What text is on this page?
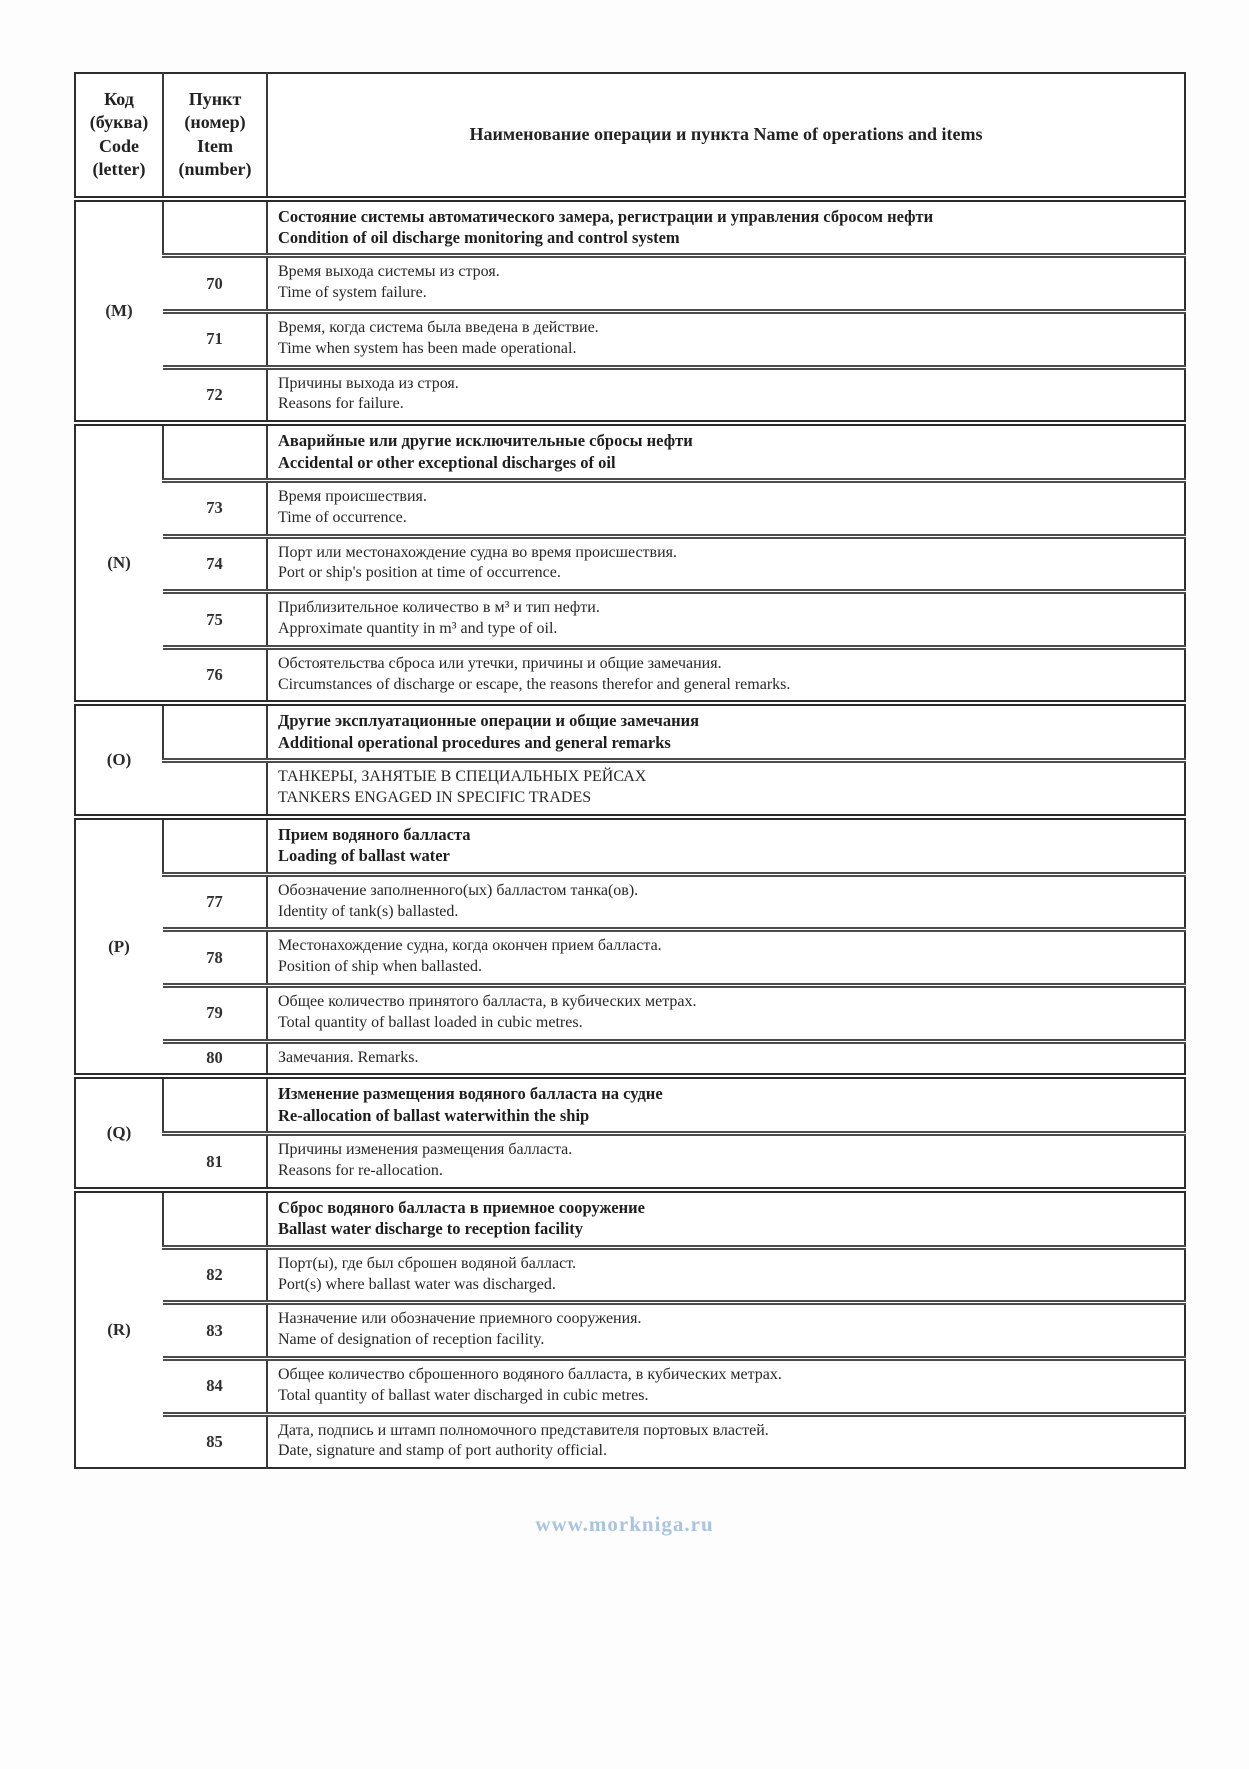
Код
(буква)
Code
(letter)	Пункт
(номер)
Item
(number)	Наименование операции и пункта Name of operations and items
(M)		Состояние системы автоматического замера, регистрации и управления сбросом нефти
Condition of oil discharge monitoring and control system

	70	Время выхода системы из строя.
Time of system failure.

	71	Время, когда система была введена в действие.
Time when system has been made operational.

	72	Причины выхода из строя.
Reasons for failure.

(N)		Аварийные или другие исключительные сбросы нефти
Accidental or other exceptional discharges of oil

	73	Время происшествия.
Time of occurrence.

	74	Порт или местонахождение судна во время происшествия.
Port or ship's position at time of occurrence.

	75	Приблизительное количество в м³ и тип нефти.
Approximate quantity in m³ and type of oil.

	76	Обстоятельства сброса или утечки, причины и общие замечания.
Circumstances of discharge or escape, the reasons therefor and general remarks.

(O)		Другие эксплуатационные операции и общие замечания
Additional operational procedures and general remarks

		ТАНКЕРЫ, ЗАНЯТЫЕ В СПЕЦИАЛЬНЫХ РЕЙСАХ
TANKERS ENGAGED IN SPECIFIC TRADES

(P)		Прием водяного балласта
Loading of ballast water

	77	Обозначение заполненного(ых) балластом танка(ов).
Identity of tank(s) ballasted.

	78	Местонахождение судна, когда окончен прием балласта.
Position of ship when ballasted.

	79	Общее количество принятого балласта, в кубических метрах.
Total quantity of ballast loaded in cubic metres.

	80	Замечания. Remarks.

(Q)		Изменение размещения водяного балласта на судне
Re-allocation of ballast waterwithin the ship

	81	Причины изменения размещения балласта.
Reasons for re-allocation.

(R)		Сброс водяного балласта в приемное сооружение
Ballast water discharge to reception facility

	82	Порт(ы), где был сброшен водяной балласт.
Port(s) where ballast water was discharged.

	83	Назначение или обозначение приемного сооружения.
Name of designation of reception facility.

	84	Общее количество сброшенного водяного балласта, в кубических метрах.
Total quantity of ballast water discharged in cubic metres.

	85	Дата, подпись и штамп полномочного представителя портовых властей.
Date, signature and stamp of port authority official.
www.morkniga.ru
